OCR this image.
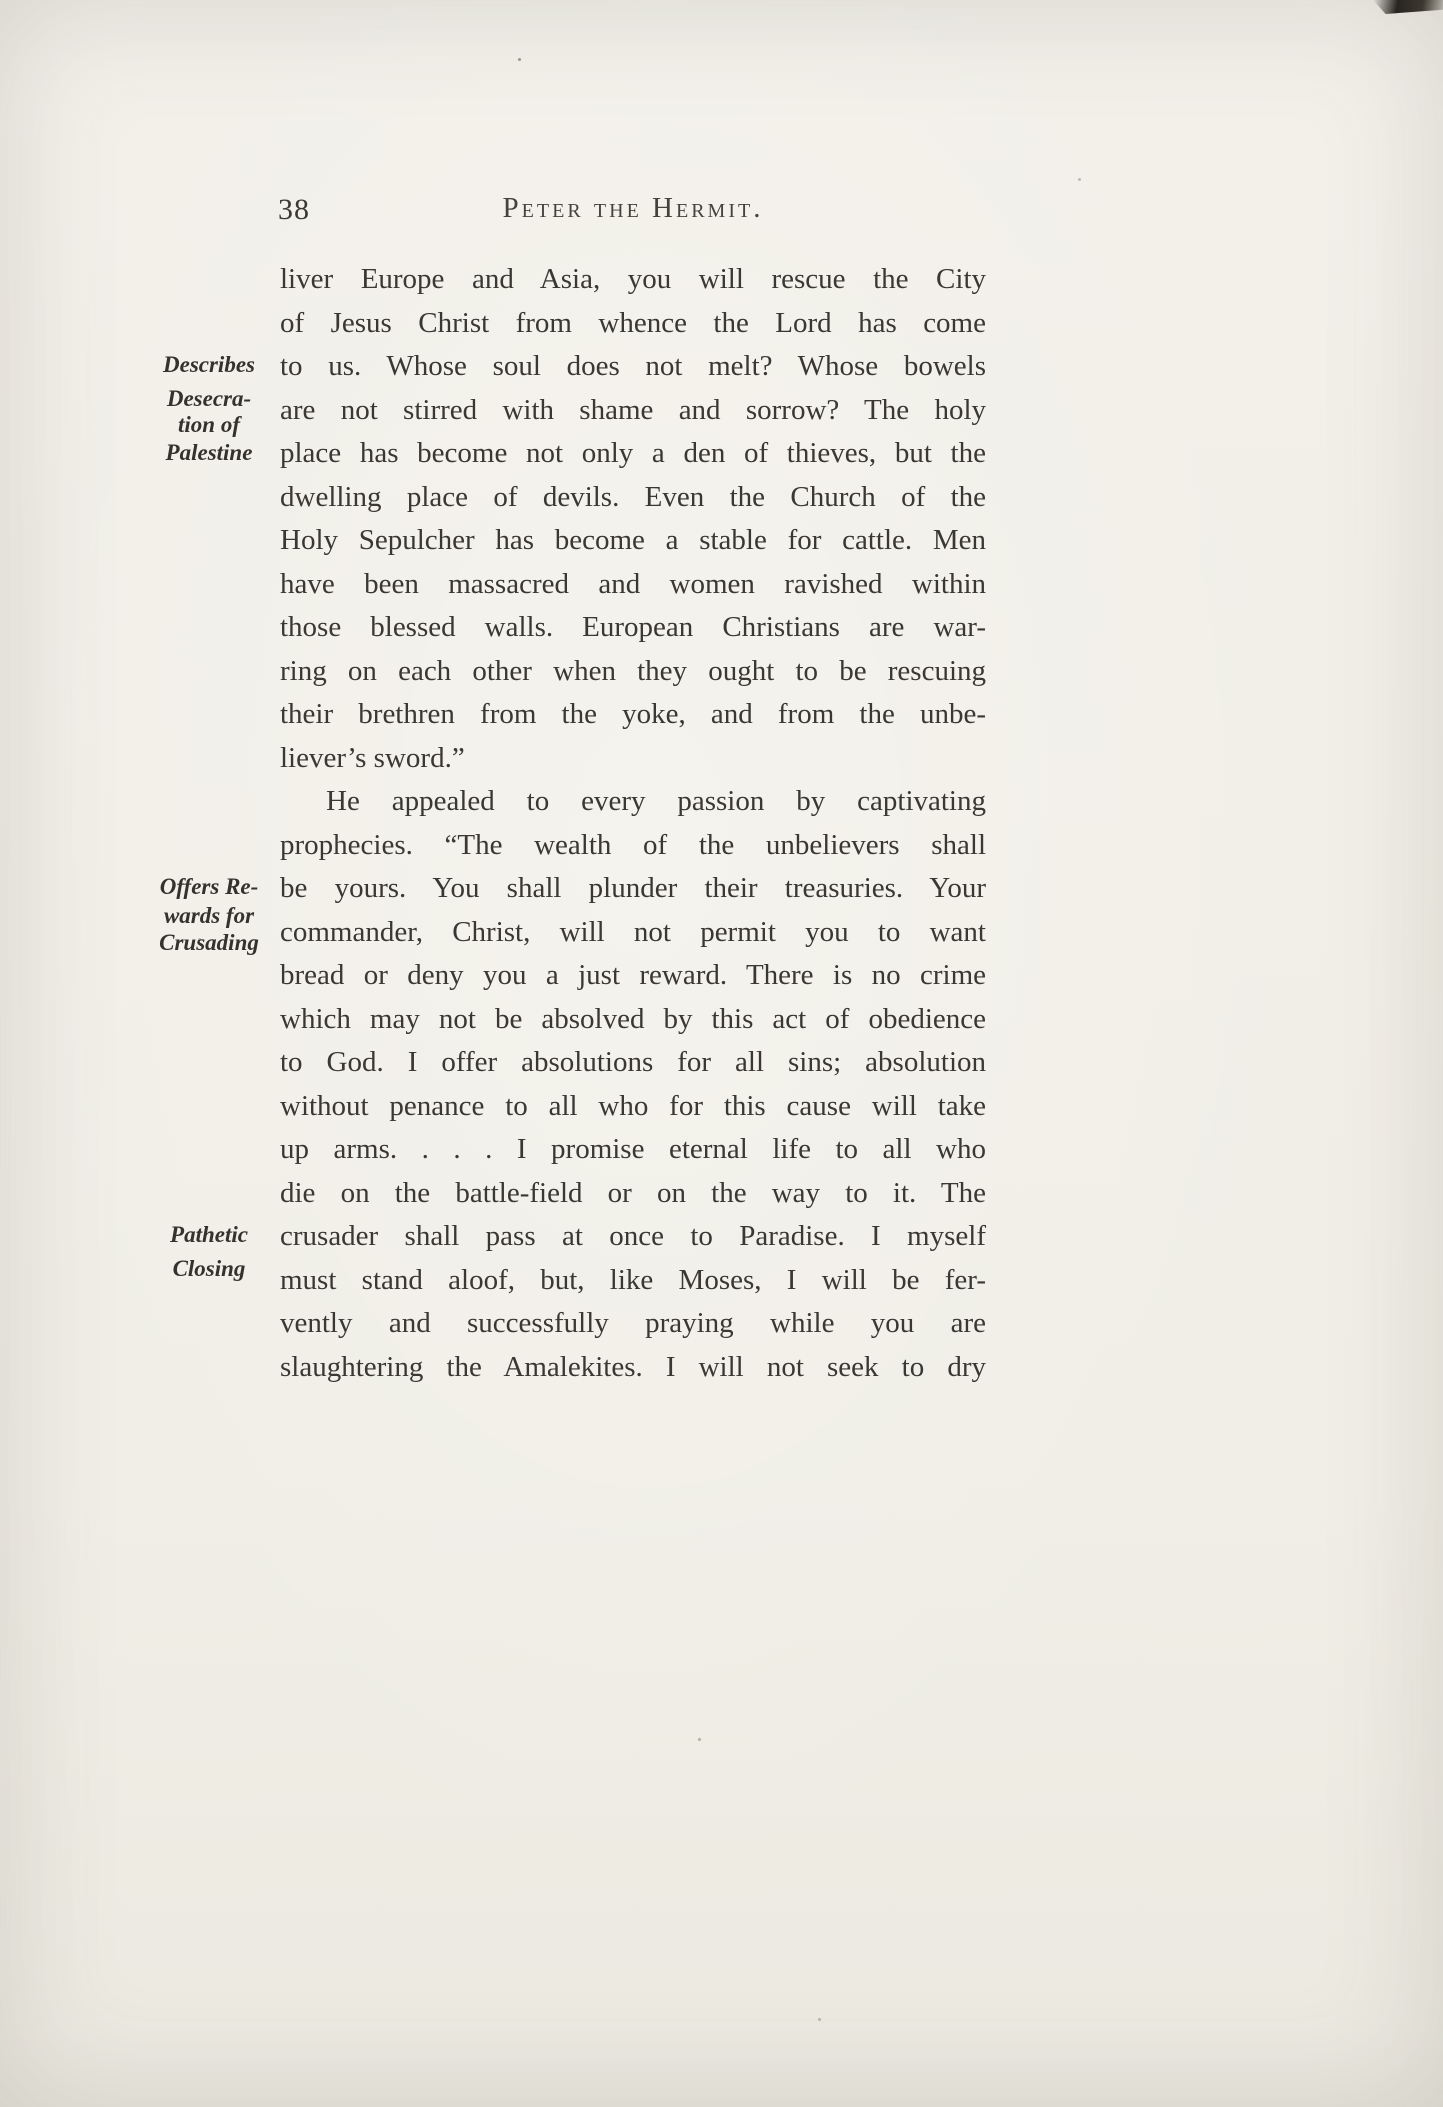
38	Peter the Hermit.
Describes
Desecra-
tion of
Palestine
Offers Re-
wards for
Crusading
Pathetic
Closing
liver Europe and Asia, you will rescue the City
of Jesus Christ from whence the Lord has come
to us. Whose soul does not melt? Whose bowels
are not stirred with shame and sorrow? The holy
place has become not only a den of thieves, but the
dwelling place of devils. Even the Church of the
Holy Sepulcher has become a stable for cattle. Men
have been massacred and women ravished within
those blessed walls. European Christians are war-
ring on each other when they ought to be rescuing
their brethren from the yoke, and from the unbe-
liever’s sword.”
He appealed to every passion by captivating
prophecies. “The wealth of the unbelievers shall
be yours. You shall plunder their treasuries. Your
commander, Christ, will not permit you to want
bread or deny you a just reward. There is no crime
which may not be absolved by this act of obedience
to God. I offer absolutions for all sins; absolution
without penance to all who for this cause will take
up arms. . . . I promise eternal life to all who
die on the battle-field or on the way to it. The
crusader shall pass at once to Paradise. I myself
must stand aloof, but, like Moses, I will be fer-
vently and successfully praying while you are
slaughtering the Amalekites. I will not seek to dry
